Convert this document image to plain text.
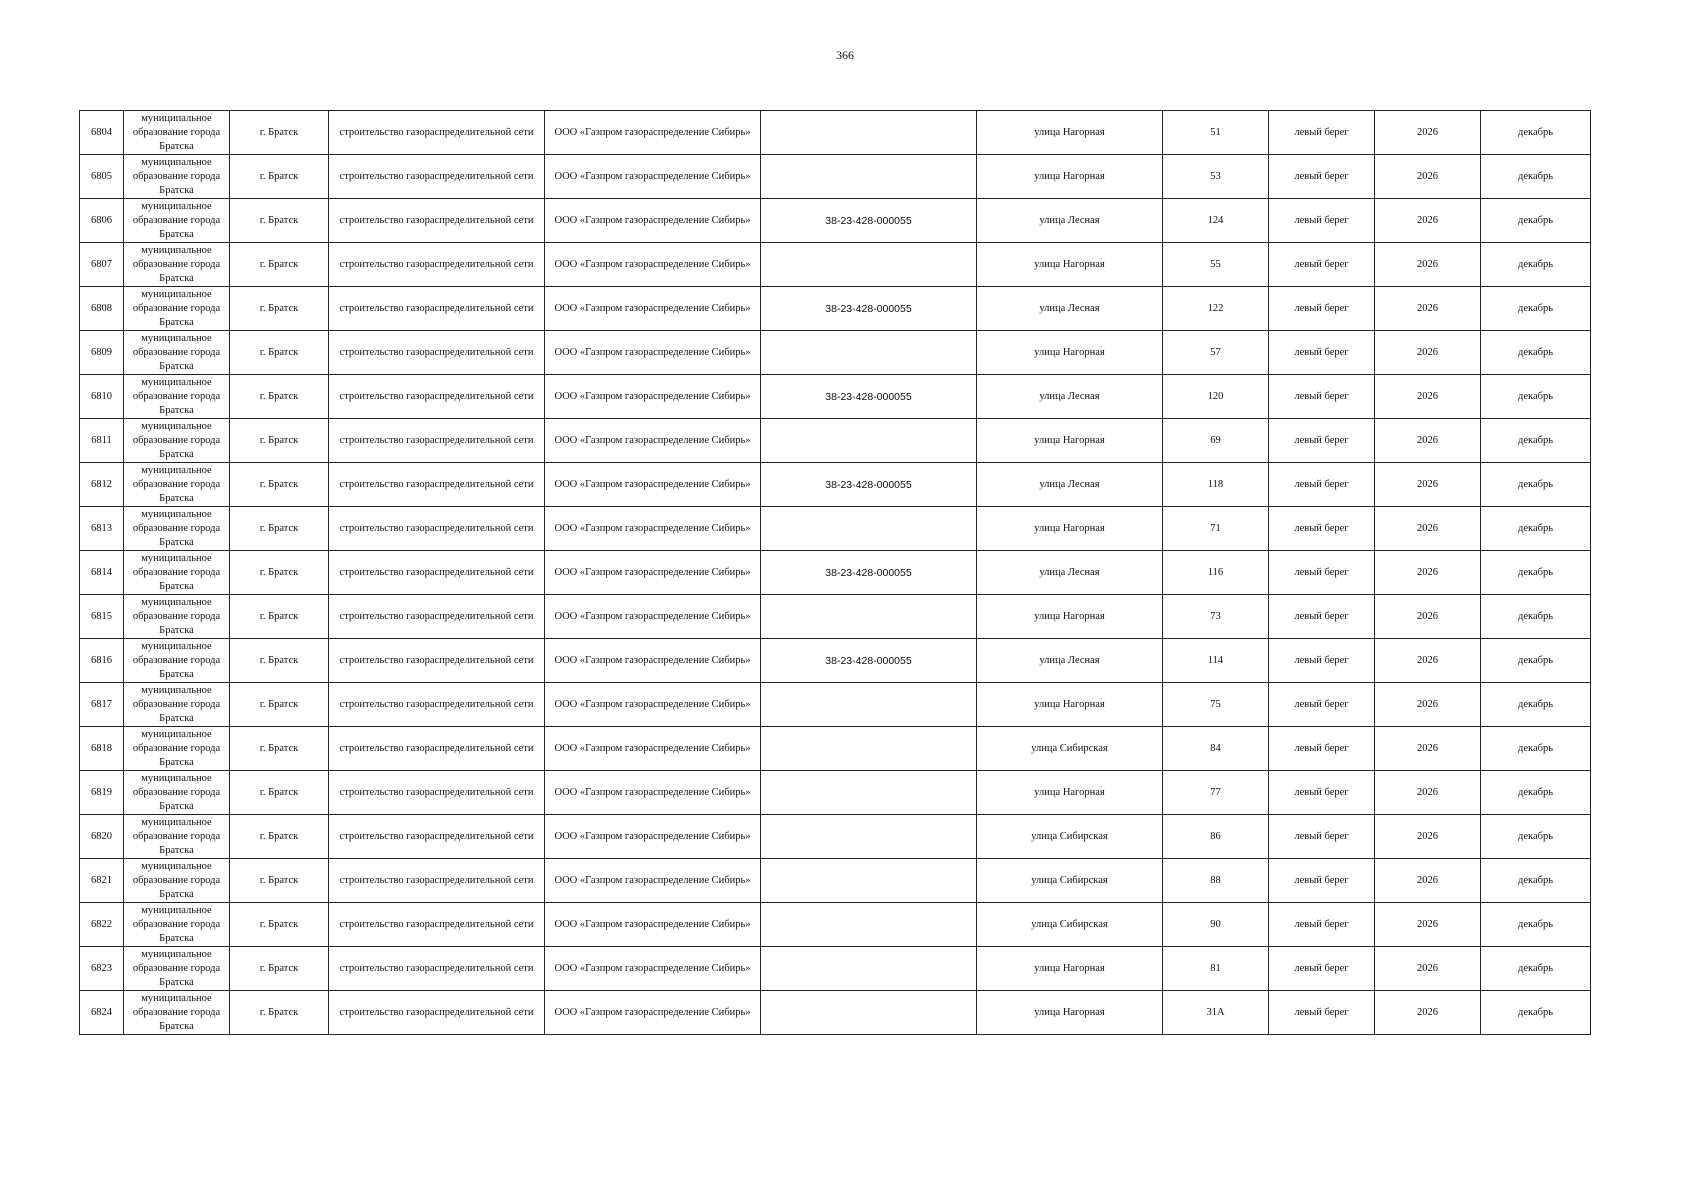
366
6804	муниципальное образование города Братска	г. Братск	строительство газораспределительной сети	ООО «Газпром газораспределение Сибирь»		улица Нагорная	51	левый берег	2026	декабрь
6805	муниципальное образование города Братска	г. Братск	строительство газораспределительной сети	ООО «Газпром газораспределение Сибирь»		улица Нагорная	53	левый берег	2026	декабрь
6806	муниципальное образование города Братска	г. Братск	строительство газораспределительной сети	ООО «Газпром газораспределение Сибирь»	38-23-428-000055	улица Лесная	124	левый берег	2026	декабрь
6807	муниципальное образование города Братска	г. Братск	строительство газораспределительной сети	ООО «Газпром газораспределение Сибирь»		улица Нагорная	55	левый берег	2026	декабрь
6808	муниципальное образование города Братска	г. Братск	строительство газораспределительной сети	ООО «Газпром газораспределение Сибирь»	38-23-428-000055	улица Лесная	122	левый берег	2026	декабрь
6809	муниципальное образование города Братска	г. Братск	строительство газораспределительной сети	ООО «Газпром газораспределение Сибирь»		улица Нагорная	57	левый берег	2026	декабрь
6810	муниципальное образование города Братска	г. Братск	строительство газораспределительной сети	ООО «Газпром газораспределение Сибирь»	38-23-428-000055	улица Лесная	120	левый берег	2026	декабрь
6811	муниципальное образование города Братска	г. Братск	строительство газораспределительной сети	ООО «Газпром газораспределение Сибирь»		улица Нагорная	69	левый берег	2026	декабрь
6812	муниципальное образование города Братска	г. Братск	строительство газораспределительной сети	ООО «Газпром газораспределение Сибирь»	38-23-428-000055	улица Лесная	118	левый берег	2026	декабрь
6813	муниципальное образование города Братска	г. Братск	строительство газораспределительной сети	ООО «Газпром газораспределение Сибирь»		улица Нагорная	71	левый берег	2026	декабрь
6814	муниципальное образование города Братска	г. Братск	строительство газораспределительной сети	ООО «Газпром газораспределение Сибирь»	38-23-428-000055	улица Лесная	116	левый берег	2026	декабрь
6815	муниципальное образование города Братска	г. Братск	строительство газораспределительной сети	ООО «Газпром газораспределение Сибирь»		улица Нагорная	73	левый берег	2026	декабрь
6816	муниципальное образование города Братска	г. Братск	строительство газораспределительной сети	ООО «Газпром газораспределение Сибирь»	38-23-428-000055	улица Лесная	114	левый берег	2026	декабрь
6817	муниципальное образование города Братска	г. Братск	строительство газораспределительной сети	ООО «Газпром газораспределение Сибирь»		улица Нагорная	75	левый берег	2026	декабрь
6818	муниципальное образование города Братска	г. Братск	строительство газораспределительной сети	ООО «Газпром газораспределение Сибирь»		улица Сибирская	84	левый берег	2026	декабрь
6819	муниципальное образование города Братска	г. Братск	строительство газораспределительной сети	ООО «Газпром газораспределение Сибирь»		улица Нагорная	77	левый берег	2026	декабрь
6820	муниципальное образование города Братска	г. Братск	строительство газораспределительной сети	ООО «Газпром газораспределение Сибирь»		улица Сибирская	86	левый берег	2026	декабрь
6821	муниципальное образование города Братска	г. Братск	строительство газораспределительной сети	ООО «Газпром газораспределение Сибирь»		улица Сибирская	88	левый берег	2026	декабрь
6822	муниципальное образование города Братска	г. Братск	строительство газораспределительной сети	ООО «Газпром газораспределение Сибирь»		улица Сибирская	90	левый берег	2026	декабрь
6823	муниципальное образование города Братска	г. Братск	строительство газораспределительной сети	ООО «Газпром газораспределение Сибирь»		улица Нагорная	81	левый берег	2026	декабрь
6824	муниципальное образование города Братска	г. Братск	строительство газораспределительной сети	ООО «Газпром газораспределение Сибирь»		улица Нагорная	31А	левый берег	2026	декабрь
